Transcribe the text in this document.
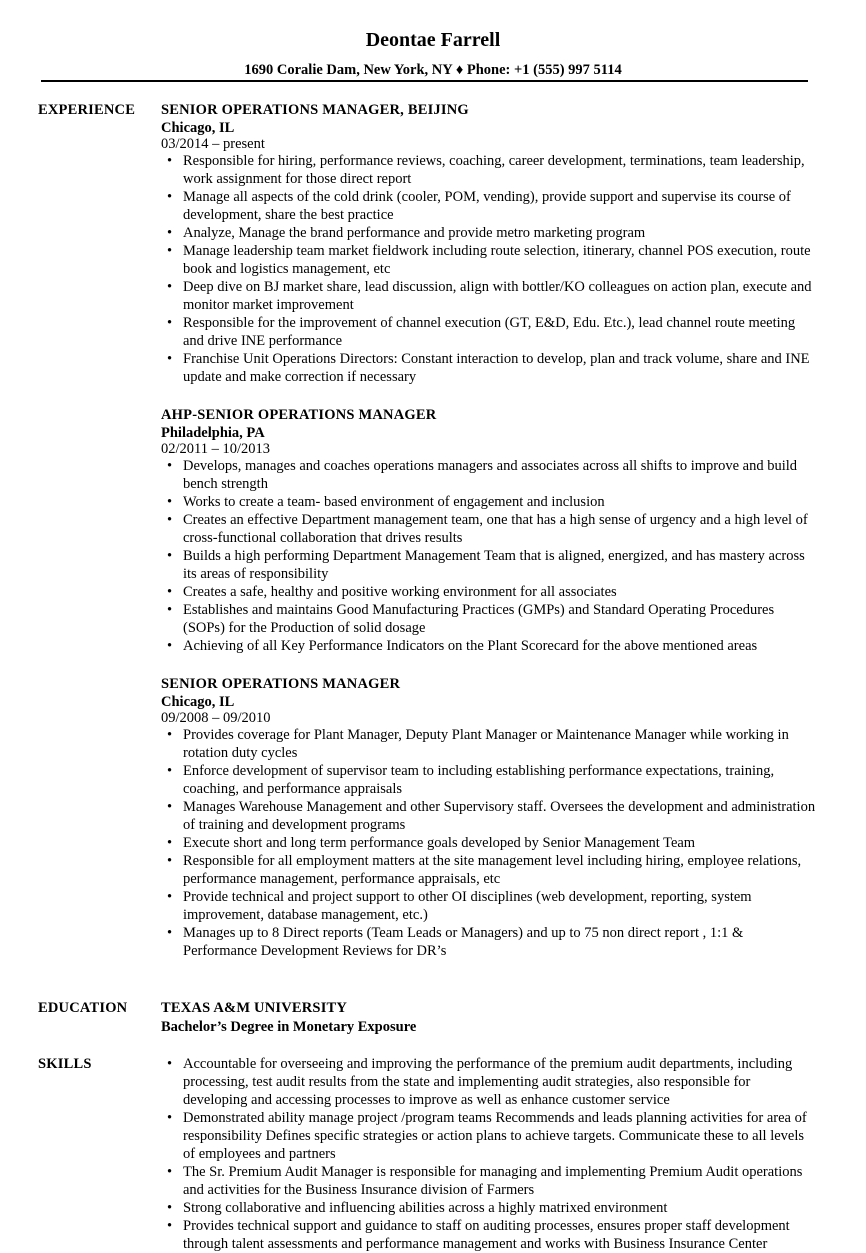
Deontae Farrell
1690 Coralie Dam, New York, NY ♦ Phone: +1 (555) 997 5114
EXPERIENCE SENIOR OPERATIONS MANAGER, BEIJING
Chicago, IL
03/2014 – present
• Responsible for hiring, performance reviews, coaching, career development, terminations, team leadership, work assignment for those direct report
• Manage all aspects of the cold drink (cooler, POM, vending), provide support and supervise its course of development, share the best practice
• Analyze, Manage the brand performance and provide metro marketing program
• Manage leadership team market fieldwork including route selection, itinerary, channel POS execution, route book and logistics management, etc
• Deep dive on BJ market share, lead discussion, align with bottler/KO colleagues on action plan, execute and monitor market improvement
• Responsible for the improvement of channel execution (GT, E&D, Edu. Etc.), lead channel route meeting and drive INE performance
• Franchise Unit Operations Directors: Constant interaction to develop, plan and track volume, share and INE update and make correction if necessary
AHP-SENIOR OPERATIONS MANAGER
Philadelphia, PA
02/2011 – 10/2013
• Develops, manages and coaches operations managers and associates across all shifts to improve and build bench strength
• Works to create a team- based environment of engagement and inclusion
• Creates an effective Department management team, one that has a high sense of urgency and a high level of cross-functional collaboration that drives results
• Builds a high performing Department Management Team that is aligned, energized, and has mastery across its areas of responsibility
• Creates a safe, healthy and positive working environment for all associates
• Establishes and maintains Good Manufacturing Practices (GMPs) and Standard Operating Procedures (SOPs) for the Production of solid dosage
• Achieving of all Key Performance Indicators on the Plant Scorecard for the above mentioned areas
SENIOR OPERATIONS MANAGER
Chicago, IL
09/2008 – 09/2010
• Provides coverage for Plant Manager, Deputy Plant Manager or Maintenance Manager while working in rotation duty cycles
• Enforce development of supervisor team to including establishing performance expectations, training, coaching, and performance appraisals
• Manages Warehouse Management and other Supervisory staff. Oversees the development and administration of training and development programs
• Execute short and long term performance goals developed by Senior Management Team
• Responsible for all employment matters at the site management level including hiring, employee relations, performance management, performance appraisals, etc
• Provide technical and project support to other OI disciplines (web development, reporting, system improvement, database management, etc.)
• Manages up to 8 Direct reports (Team Leads or Managers) and up to 75 non direct report , 1:1 & Performance Development Reviews for DR’s
EDUCATION TEXAS A&M UNIVERSITY
Bachelor’s Degree in Monetary Exposure
SKILLS
•	Accountable for overseeing and improving the performance of the premium audit departments, including processing, test audit results from the state and implementing audit strategies, also responsible for developing and accessing processes to improve as well as enhance customer service
• Demonstrated ability manage project /program teams Recommends and leads planning activities for area of responsibility Defines specific strategies or action plans to achieve targets. Communicate these to all levels of employees and partners
• The Sr. Premium Audit Manager is responsible for managing and implementing Premium Audit operations and activities for the Business Insurance division of Farmers
• Strong collaborative and influencing abilities across a highly matrixed environment
• Provides technical support and guidance to staff on auditing processes, ensures proper staff development through talent assessments and performance management and works with Business Insurance Center
